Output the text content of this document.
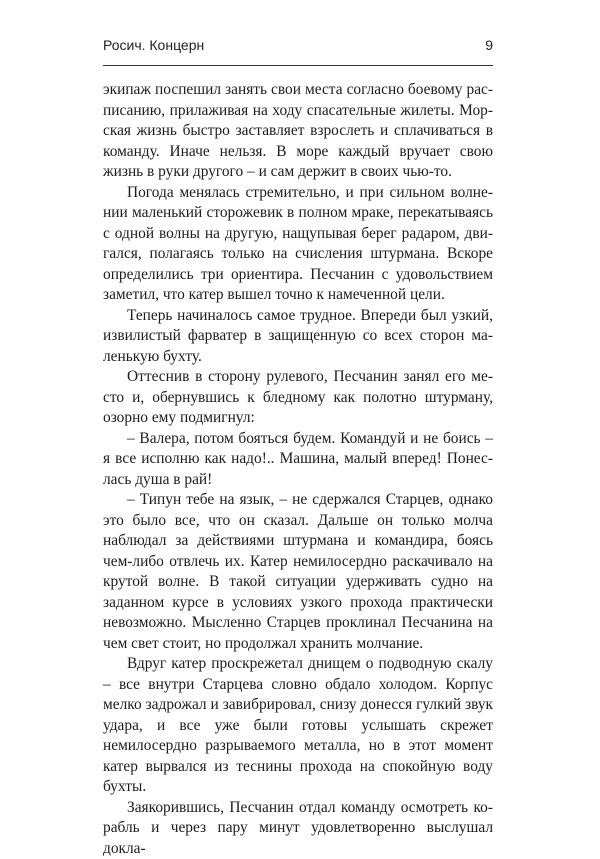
Росич. Концерн	9

экипаж поспешил занять свои места согласно боевому расписанию, прилаживая на ходу спасательные жилеты. Морская жизнь быстро заставляет взрослеть и сплачиваться в команду. Иначе нельзя. В море каждый вручает свою жизнь в руки другого – и сам держит в своих чью-то.

Погода менялась стремительно, и при сильном волнении маленький сторожевик в полном мраке, перекатываясь с одной волны на другую, нащупывая берег радаром, двигался, полагаясь только на счисления штурмана. Вскоре определились три ориентира. Песчанин с удовольствием заметил, что катер вышел точно к намеченной цели.

Теперь начиналось самое трудное. Впереди был узкий, извилистый фарватер в защищенную со всех сторон маленькую бухту.

Оттеснив в сторону рулевого, Песчанин занял его место и, обернувшись к бледному как полотно штурману, озорно ему подмигнул:

– Валера, потом бояться будем. Командуй и не боись – я все исполню как надо!.. Машина, малый вперед! Понеслась душа в рай!

– Типун тебе на язык, – не сдержался Старцев, однако это было все, что он сказал. Дальше он только молча наблюдал за действиями штурмана и командира, боясь чем-либо отвлечь их. Катер немилосердно раскачивало на крутой волне. В такой ситуации удерживать судно на заданном курсе в условиях узкого прохода практически невозможно. Мысленно Старцев проклинал Песчанина на чем свет стоит, но продолжал хранить молчание.

Вдруг катер проскрежетал днищем о подводную скалу – все внутри Старцева словно обдало холодом. Корпус мелко задрожал и завибрировал, снизу донесся гулкий звук удара, и все уже были готовы услышать скрежет немилосердно разрываемого металла, но в этот момент катер вырвался из теснины прохода на спокойную воду бухты.

Заякорившись, Песчанин отдал команду осмотреть корабль и через пару минут удовлетворенно выслушал докла-
